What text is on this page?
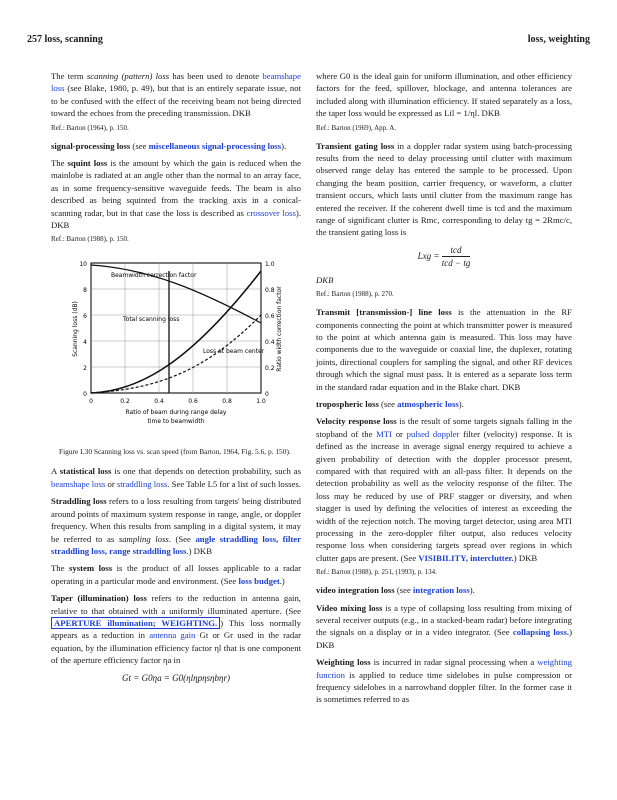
257 loss, scanning	loss, weighting

The term scanning (pattern) loss has been used to denote beamshape loss (see Blake, 1980, p. 49), but that is an entirely separate issue, not to be confused with the effect of the receiving beam not being directed toward the echoes from the preceding transmission. DKB

Ref.: Barton (1964), p. 150.

signal-processing loss (see miscellaneous signal-processing loss).

The squint loss is the amount by which the gain is reduced when the mainlobe is radiated at an angle other than the normal to an array face, as in some frequency-sensitive waveguide feeds. The beam is also described as being squinted from the tracking axis in a conical-scanning radar, but in that case the loss is described as crossover loss). DKB

Ref.: Barton (1988), p. 150.
10
8
6
4
2
0
1.0
0.8
0.6
0.4
0.2
0
0	0.2	0.4	0.6	0.8	1.0
Scanning loss (dB)	Ratio width correction factor
Beamwidth correction factor
Total scanning loss
Loss at beam center
Ratio of beam during range delay
time to beamwidth
Figure L30 Scanning loss vs. scan speed (from Barton, 1964, Fig. 5.6, p. 150).

A statistical loss is one that depends on detection probability, such as beamshape loss or straddling loss. See Table L5 for a list of such losses.

Straddling loss refers to a loss resulting from targets' being distributed around points of maximum system response in range, angle, or doppler frequency. When this results from sampling in a digital system, it may be referred to as sampling loss. (See angle straddling loss, filter straddling loss, range straddling loss.) DKB

The system loss is the product of all losses applicable to a radar operating in a particular mode and environment. (See loss budget.)

Taper (illumination) loss refers to the reduction in antenna gain, relative to that obtained with a uniformly illuminated aperture. (See APERTURE illumination; WEIGHTING. ) This loss normally appears as a reduction in antenna gain Gt or Gr used in the radar equation, by the illumination efficiency factor ηl that is one component of the aperture efficiency factor ηa in

Gt = G0ηa = G0(ηlηpηsηbηr)

where G0 is the ideal gain for uniform illumination, and other efficiency factors for the feed, spillover, blockage, and antenna tolerances are included along with illumination efficiency. If stated separately as a loss, the taper loss would be expressed as Lil = 1/ηl. DKB

Ref.: Barton (1969), App. A.

Transient gating loss in a doppler radar system using batch-processing results from the need to delay processing until clutter with maximum observed range delay has entered the sample to be processed. Upon changing the beam position, carrier frequency, or waveform, a clutter transient occurs, which lasts until clutter from the maximum range has entered the receiver. If the coherent dwell time is tcd and the maximum range of significant clutter is Rmc, corresponding to delay tg = 2Rmc/c, the transient gating loss is

Lxg = $\frac{\text{tcd}}{\text{tcd − tg}}$

DKB

Ref.: Barton (1988), p. 270.

Transmit [transmission-] line loss is the attenuation in the RF components connecting the point at which transmitter power is measured to the point at which antenna gain is measured. This loss may have components due to the waveguide or coaxial line, the duplexer, rotating joints, directional couplers for sampling the signal, and other RF devices through which the signal must pass. It is entered as a separate loss term in the standard radar equation and in the Blake chart. DKB

tropospheric loss (see atmospheric loss).

Velocity response loss is the result of some targets signals falling in the stopband of the MTI or pulsed doppler filter (velocity) response. It is defined as the increase in average signal energy required to achieve a given probability of detection with the doppler processor present, compared with that required with an all-pass filter. It depends on the detection probability as well as the velocity response of the filter. The loss may be reduced by use of PRF stagger or diversity, and when stagger is used by defining the velocities of interest as exceeding the width of the rejection notch. The moving target detector, using area MTI processing in the zero-doppler filter output, also reduces velocity response loss when considering targets spread over regions in which clutter gaps are present. (See VISIBILITY, interclutter.) DKB

Ref.: Barton (1988), p. 251, (1993), p. 134.

video integration loss (see integration loss).

Video mixing loss is a type of collapsing loss resulting from mixing of several receiver outputs (e.g., in a stacked-beam radar) before integrating the signals on a display or in a video integrator. (See collapsing loss.) DKB

Weighting loss is incurred in radar signal processing when a weighting function is applied to reduce time sidelobes in pulse compression or frequency sidelobes in a narrowband doppler filter. In the former case it is sometimes referred to as
